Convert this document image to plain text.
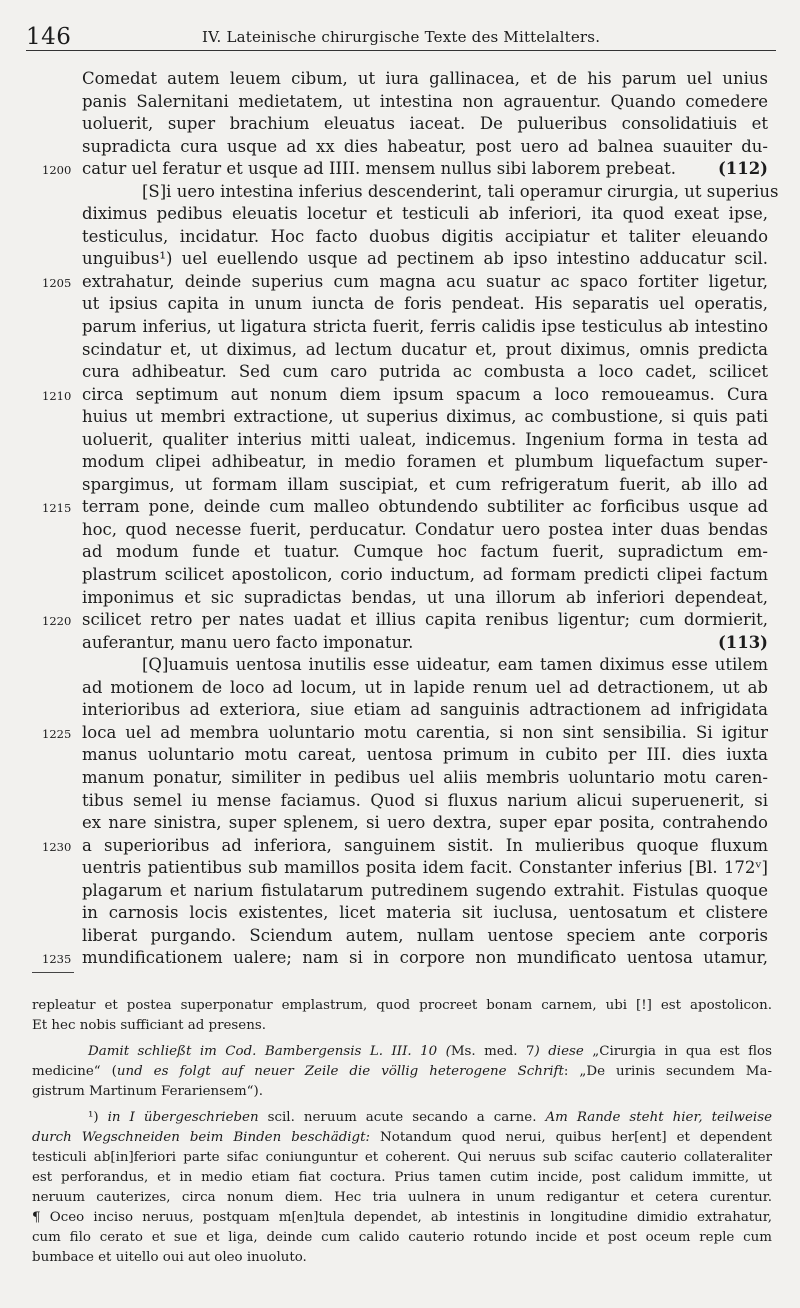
146	IV. Lateinische chirurgische Texte des Mittelalters.
Comedat autem leuem cibum, ut iura gallinacea, et de his parum uel unius
panis Salernitani medietatem, ut intestina non agrauentur. Quando comedere
uoluerit, super brachium eleuatus iaceat. De pulueribus consolidatiuis et
supradicta cura usque ad xx dies habeatur, post uero ad balnea suauiter du-
catur uel feratur et usque ad IIII. mensem nullus sibi laborem prebeat.
1200	(112)
[S]i uero intestina inferius descenderint, tali operamur cirurgia, ut superius
diximus pedibus eleuatis locetur et testiculi ab inferiori, ita quod exeat ipse,
testiculus, incidatur. Hoc facto duobus digitis accipiatur et taliter eleuando
unguibus¹) uel euellendo usque ad pectinem ab ipso intestino adducatur scil.
extrahatur, deinde superius cum magna acu suatur ac spaco fortiter ligetur,
1205
ut ipsius capita in unum iuncta de foris pendeat. His separatis uel operatis,
parum inferius, ut ligatura stricta fuerit, ferris calidis ipse testiculus ab intestino
scindatur et, ut diximus, ad lectum ducatur et, prout diximus, omnis predicta
cura adhibeatur. Sed cum caro putrida ac combusta a loco cadet, scilicet
circa septimum aut nonum diem ipsum spacum a loco remoueamus. Cura
1210
huius ut membri extractione, ut superius diximus, ac combustione, si quis pati
uoluerit, qualiter interius mitti ualeat, indicemus. Ingenium forma in testa ad
modum clipei adhibeatur, in medio foramen et plumbum liquefactum super-
spargimus, ut formam illam suscipiat, et cum refrigeratum fuerit, ab illo ad
terram pone, deinde cum malleo obtundendo subtiliter ac forficibus usque ad
1215
hoc, quod necesse fuerit, perducatur. Condatur uero postea inter duas bendas
ad modum funde et tuatur. Cumque hoc factum fuerit, supradictum em-
plastrum scilicet apostolicon, corio inductum, ad formam predicti clipei factum
imponimus et sic supradictas bendas, ut una illorum ab inferiori dependeat,
scilicet retro per nates uadat et illius capita renibus ligentur; cum dormierit,
1220
auferantur, manu uero facto imponatur.	(113)
[Q]uamuis uentosa inutilis esse uideatur, eam tamen diximus esse utilem
ad motionem de loco ad locum, ut in lapide renum uel ad detractionem, ut ab
interioribus ad exteriora, siue etiam ad sanguinis adtractionem ad infrigidata
loca uel ad membra uoluntario motu carentia, si non sint sensibilia. Si igitur
1225
manus uoluntario motu careat, uentosa primum in cubito per III. dies iuxta
manum ponatur, similiter in pedibus uel aliis membris uoluntario motu caren-
tibus semel iu mense faciamus. Quod si fluxus narium alicui superuenerit, si
ex nare sinistra, super splenem, si uero dextra, super epar posita, contrahendo
a superioribus ad inferiora, sanguinem sistit. In mulieribus quoque fluxum
1230
uentris patientibus sub mamillos posita idem facit. Constanter inferius [Bl. 172ᵛ]
plagarum et narium fistulatarum putredinem sugendo extrahit. Fistulas quoque
in carnosis locis existentes, licet materia sit iuclusa, uentosatum et clistere
liberat purgando. Sciendum autem, nullam uentose speciem ante corporis
mundificationem ualere; nam si in corpore non mundificato uentosa utamur,
1235
repleatur et postea superponatur emplastrum, quod procreet bonam carnem, ubi [!] est apostolicon.
Et hec nobis sufficiant ad presens.
Damit schließt im Cod. Bambergensis L. III. 10 (Ms. med. 7) diese „Cirurgia in qua est flos
medicine“ (und es folgt auf neuer Zeile die völlig heterogene Schrift: „De urinis secundem Ma-
gistrum Martinum Ferariensem“).
¹) in I übergeschrieben scil. neruum acute secando a carne. Am Rande steht hier, teilweise
durch Wegschneiden beim Binden beschädigt: Notandum quod nerui, quibus her[ent] et dependent
testiculi ab[in]feriori parte sifac coniunguntur et coherent. Qui neruus sub scifac cauterio collateraliter
est perforandus, et in medio etiam fiat coctura. Prius tamen cutim incide, post calidum immitte, ut
neruum cauterizes, circa nonum diem. Hec tria uulnera in unum redigantur et cetera curentur.
¶ Oceo inciso neruus, postquam m[en]tula dependet, ab intestinis in longitudine dimidio extrahatur,
cum filo cerato et sue et liga, deinde cum calido cauterio rotundo incide et post oceum reple cum
bumbace et uitello oui aut oleo inuoluto.
